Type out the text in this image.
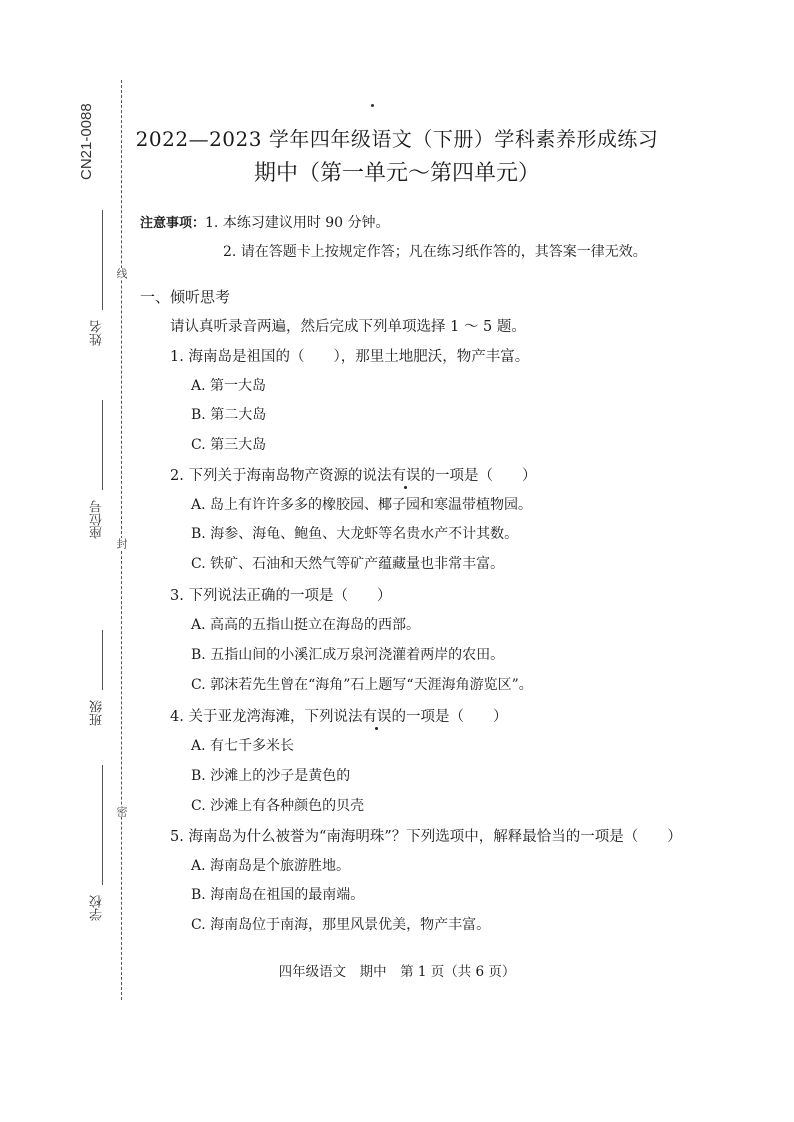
CN21-0088
线
封
密
姓名
座位号
班级
学校
2022—2023 学年四年级语文（下册）学科素养形成练习
期中（第一单元～第四单元）
注意事项：1. 本练习建议用时 90 分钟。
2. 请在答题卡上按规定作答；凡在练习纸作答的，其答案一律无效。
一、倾听思考
请认真听录音两遍，然后完成下列单项选择 1 ～ 5 题。
1. 海南岛是祖国的（　　），那里土地肥沃，物产丰富。
A. 第一大岛
B. 第二大岛
C. 第三大岛
2. 下列关于海南岛物产资源的说法有误的一项是（　　）
A. 岛上有许许多多的橡胶园、椰子园和寒温带植物园。
B. 海参、海龟、鲍鱼、大龙虾等名贵水产不计其数。
C. 铁矿、石油和天然气等矿产蕴藏量也非常丰富。
3. 下列说法正确的一项是（　　）
A. 高高的五指山挺立在海岛的西部。
B. 五指山间的小溪汇成万泉河浇灌着两岸的农田。
C. 郭沫若先生曾在“海角”石上题写“天涯海角游览区”。
4. 关于亚龙湾海滩，下列说法有误的一项是（　　）
A. 有七千多米长
B. 沙滩上的沙子是黄色的
C. 沙滩上有各种颜色的贝壳
5. 海南岛为什么被誉为“南海明珠”？下列选项中，解释最恰当的一项是（　　）
A. 海南岛是个旅游胜地。
B. 海南岛在祖国的最南端。
C. 海南岛位于南海，那里风景优美，物产丰富。
四年级语文　期中　第 1 页（共 6 页）
